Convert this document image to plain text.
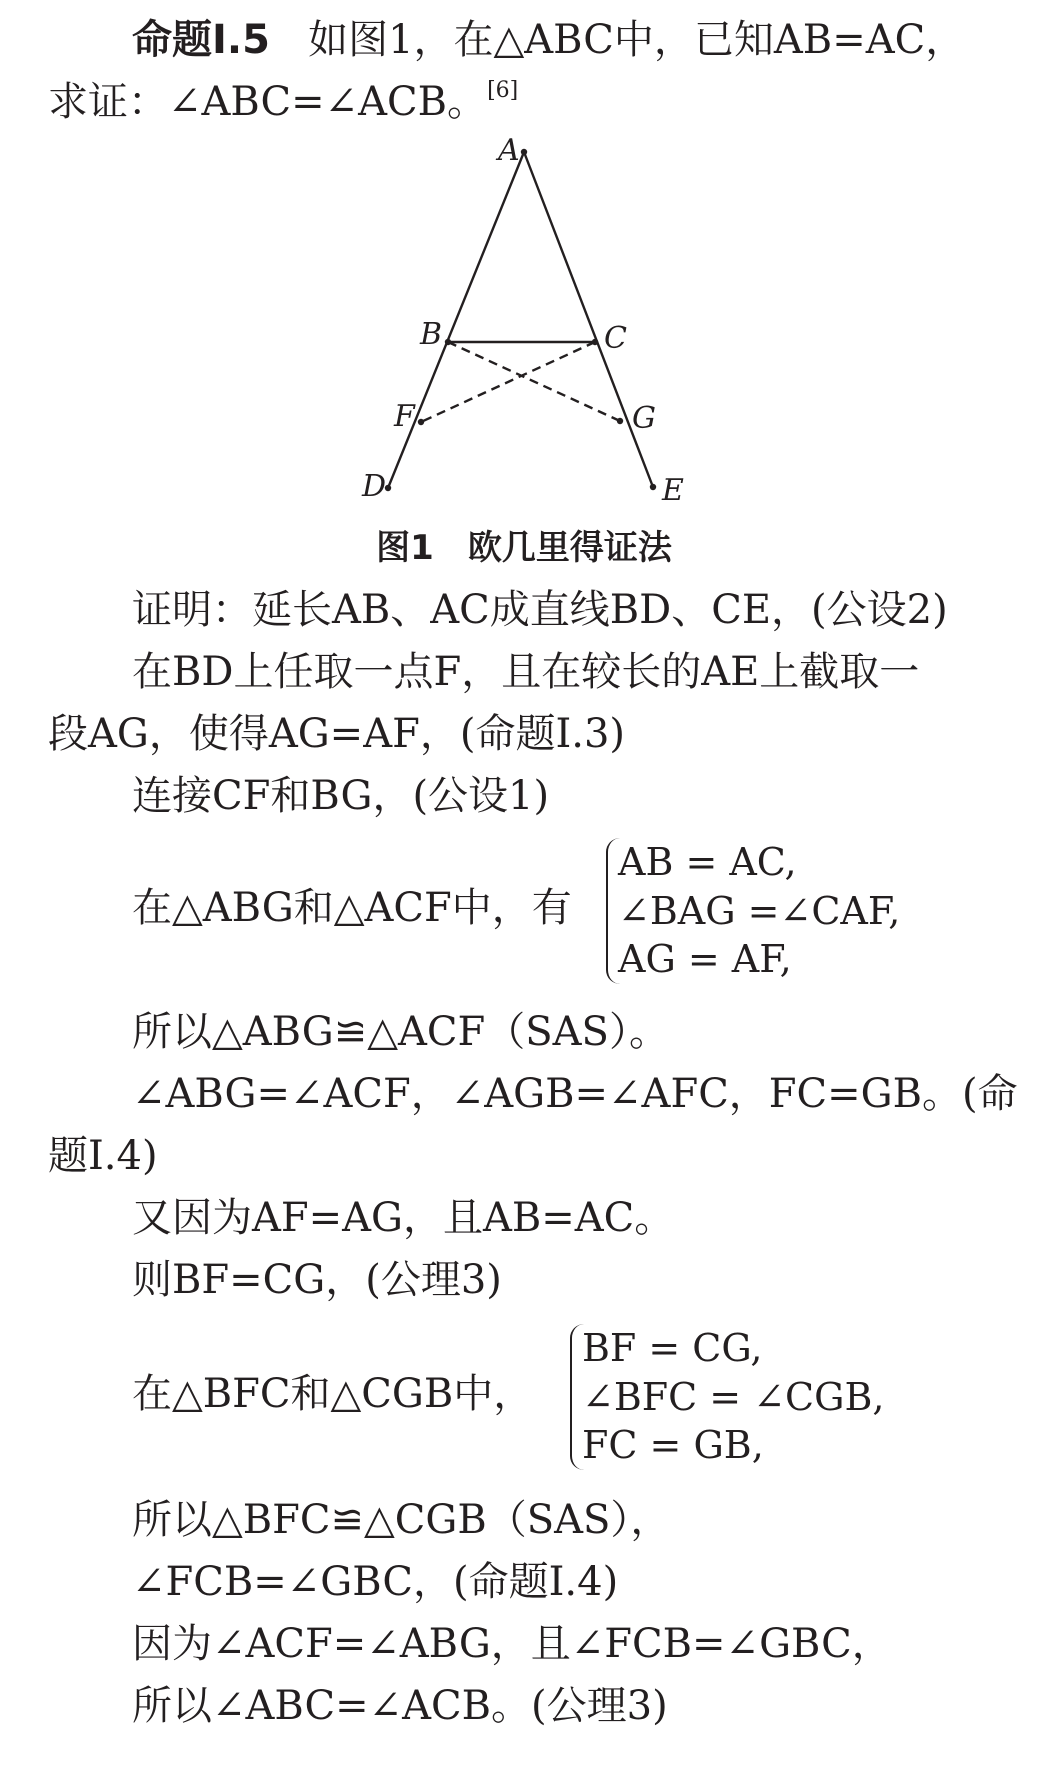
命题I.5 如图1，在△ABC中，已知AB=AC，
求证：∠ABC=∠ACB。[6]
A
B	C
F	G
D	E
图1　欧几里得证法
证明：延长AB、AC成直线BD、CE，(公设2)
在BD上任取一点F，且在较长的AE上截取一
段AG，使得AG=AF，(命题I.3)
连接CF和BG，(公设1)
在△ABG和△ACF中，有
AB = AC,
∠BAG =∠CAF,
AG = AF,
所以△ABG≌△ACF（SAS）。
∠ABG=∠ACF，∠AGB=∠AFC，FC=GB。(命
题I.4)
又因为AF=AG，且AB=AC。
则BF=CG，(公理3)
在△BFC和△CGB中，
BF = CG,
∠BFC = ∠CGB,
FC = GB,
所以△BFC≌△CGB（SAS），
∠FCB=∠GBC，(命题I.4)
因为∠ACF=∠ABG，且∠FCB=∠GBC，
所以∠ABC=∠ACB。(公理3)
